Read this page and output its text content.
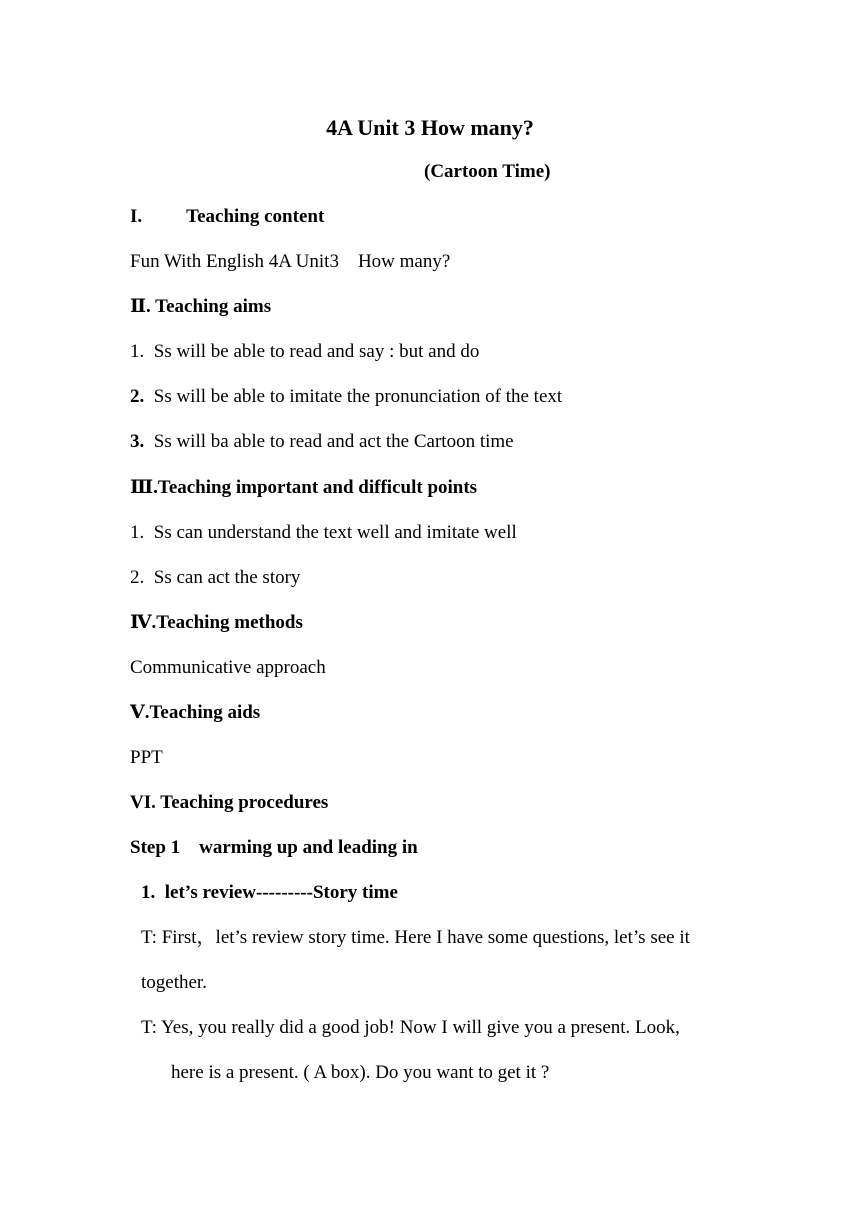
4A Unit 3 How many?
(Cartoon Time)
I. Teaching content
Fun With English 4A Unit3    How many?
Ⅱ. Teaching aims
1. Ss will be able to read and say : but and do
2. Ss will be able to imitate the pronunciation of the text
3. Ss will ba able to read and act the Cartoon time
Ⅲ.Teaching important and difficult points
1. Ss can understand the text well and imitate well
2. Ss can act the story
Ⅳ.Teaching methods
Communicative approach
Ⅴ.Teaching aids
PPT
VI. Teaching procedures
Step 1    warming up and leading in
1.  let’s review---------Story time
T: First，let’s review story time. Here I have some questions, let’s see it
together.
T: Yes, you really did a good job! Now I will give you a present. Look,
here is a present. ( A box). Do you want to get it ?
